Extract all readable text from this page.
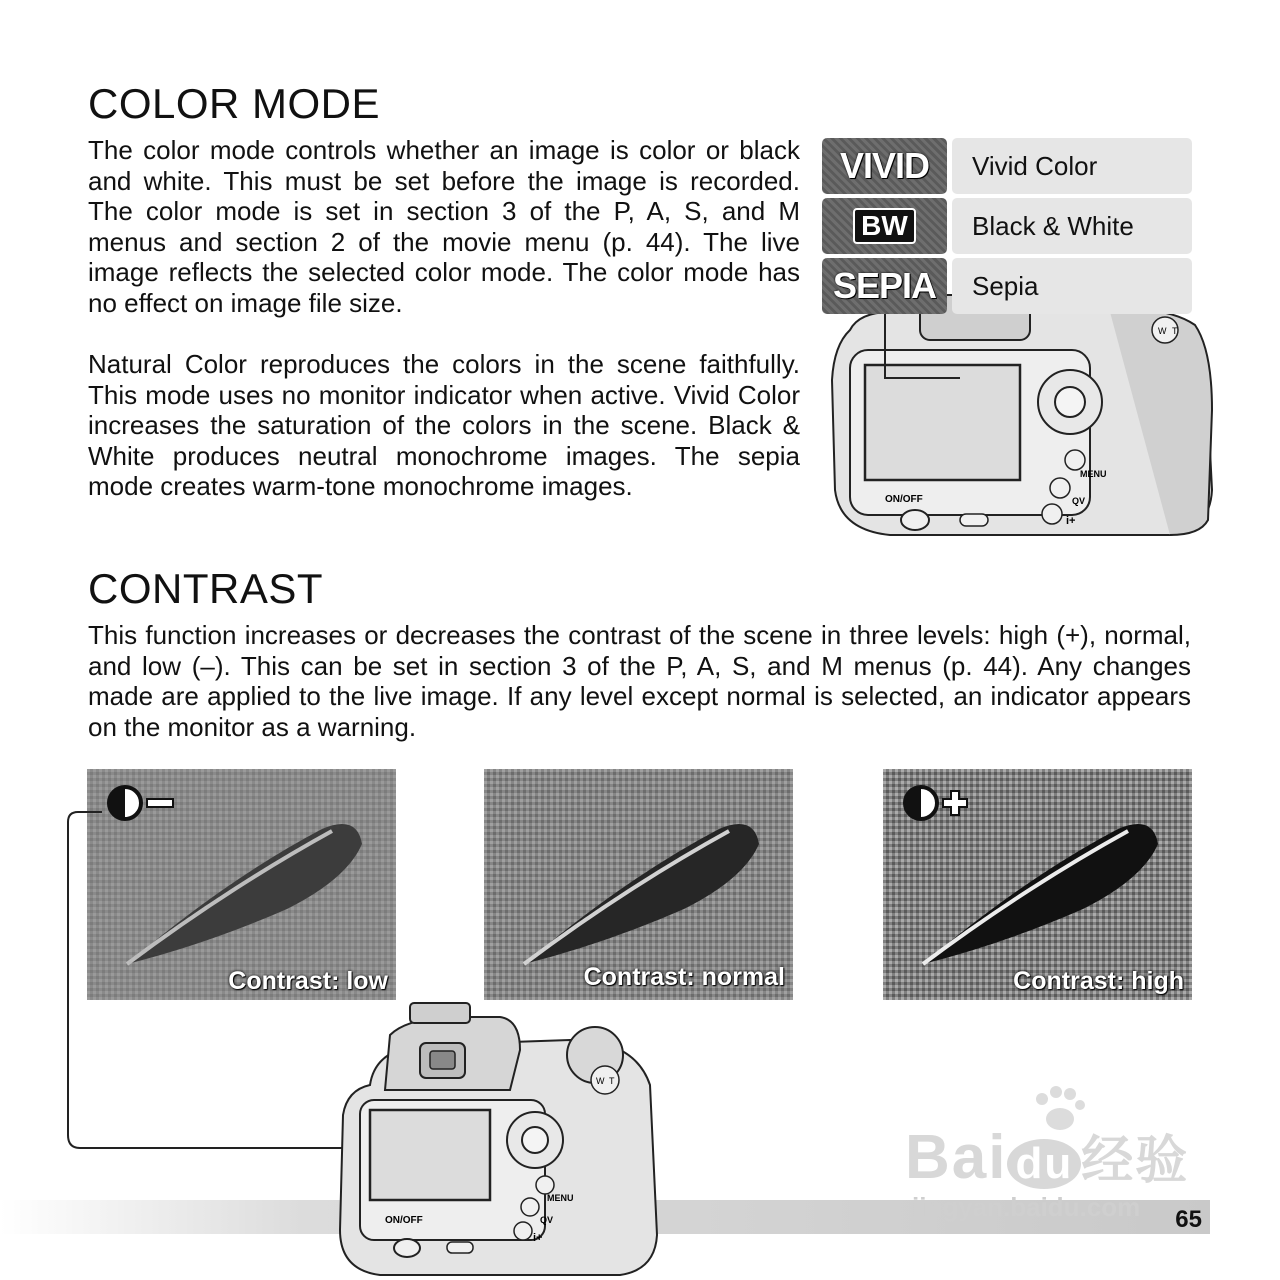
COLOR MODE

The color mode controls whether an image is color or black and white. This must be set before the image is recorded. The color mode is set in section 3 of the P, A, S, and M menus and section 2 of the movie menu (p. 44). The live image reflects the selected color mode. The color mode has no effect on image file size.

Natural Color reproduces the colors in the scene faithfully. This mode uses no monitor indicator when active. Vivid Color increases the saturation of the colors in the scene. Black & White produces neutral monochrome images. The sepia mode creates warm-tone monochrome images.

W T
MENU
QV
i+
ON/OFF
VIVID	Vivid Color
BW	Black & White
SEPIA	Sepia
CONTRAST

This function increases or decreases the contrast of the scene in three levels: high (+), normal, and low (–). This can be set in section 3 of the P, A, S, and M menus (p. 44). Any changes made are applied to the live image. If any level except normal is selected, an indicator appears on the monitor as a warning.

Contrast: low	Contrast: normal	Contrast: high
W T
MENU
QV
i+
ON/OFF	65
Bai du 经验
jingyan.baidu.com
